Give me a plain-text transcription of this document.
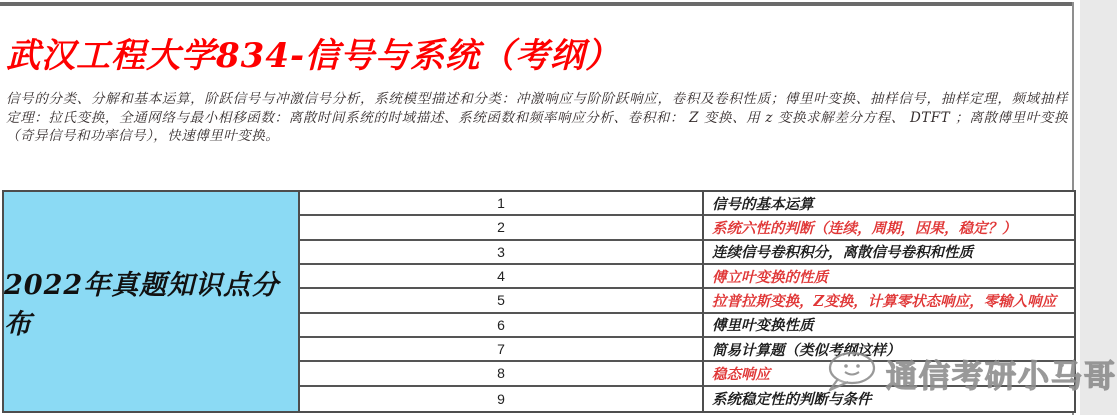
武汉工程大学834-信号与系统（考纲）

信号的分类、分解和基本运算，阶跃信号与冲激信号分析，系统模型描述和分类：冲激响应与阶阶跃响应，卷积及卷积性质；傅里叶变换、抽样信号，抽样定理，频域抽样定理：拉氏变换，全通网络与最小相移函数：离散时间系统的时域描述、系统函数和频率响应分析、卷积和： Z 变换、用 z 变换求解差分方程、 DTFT ；离散傅里叶变换（奇异信号和功率信号），快速傅里叶变换。

2022年真题知识点分布
1	信号的基本运算
2	系统六性的判断（连续，周期，因果，稳定？）
3	连续信号卷积积分，离散信号卷积和性质
4	傅立叶变换的性质
5	拉普拉斯变换，Z变换，计算零状态响应，零输入响应
6	傅里叶变换性质
7	简易计算题（类似考纲这样）
8	稳态响应
9	系统稳定性的判断与条件
